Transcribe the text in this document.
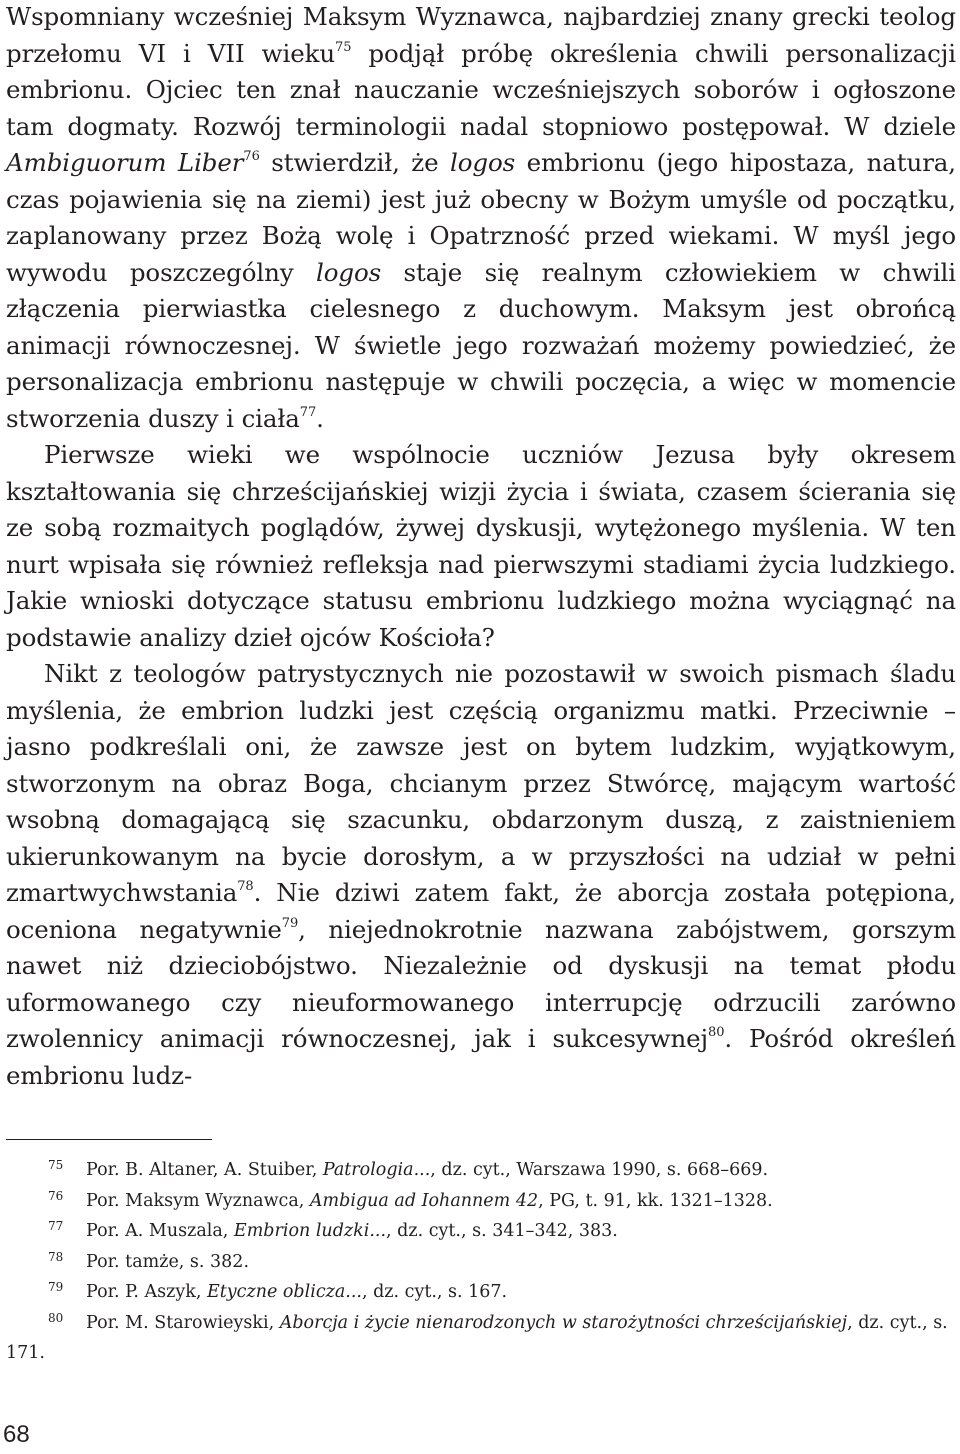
Wspomniany wcześniej Maksym Wyznawca, najbardziej znany grecki teolog przełomu VI i VII wieku$^{75}$ podjął próbę określenia chwili personalizacji embrionu. Ojciec ten znał nauczanie wcześniejszych soborów i ogłoszone tam dogmaty. Rozwój terminologii nadal stopniowo postępował. W dziele Ambiguorum Liber$^{76}$ stwierdził, że logos embrionu (jego hipostaza, natura, czas pojawienia się na ziemi) jest już obecny w Bożym umyśle od początku, zaplanowany przez Bożą wolę i Opatrzność przed wiekami. W myśl jego wywodu poszczególny logos staje się realnym człowiekiem w chwili złączenia pierwiastka cielesnego z duchowym. Maksym jest obrońcą animacji równoczesnej. W świetle jego rozważań możemy powiedzieć, że personalizacja embrionu następuje w chwili poczęcia, a więc w momencie stworzenia duszy i ciała$^{77}$.

Pierwsze wieki we wspólnocie uczniów Jezusa były okresem kształtowania się chrześcijańskiej wizji życia i świata, czasem ścierania się ze sobą rozmaitych poglądów, żywej dyskusji, wytężonego myślenia. W ten nurt wpisała się również refleksja nad pierwszymi stadiami życia ludzkiego. Jakie wnioski dotyczące statusu embrionu ludzkiego można wyciągnąć na podstawie analizy dzieł ojców Kościoła?

Nikt z teologów patrystycznych nie pozostawił w swoich pismach śladu myślenia, że embrion ludzki jest częścią organizmu matki. Przeciwnie – jasno podkreślali oni, że zawsze jest on bytem ludzkim, wyjątkowym, stworzonym na obraz Boga, chcianym przez Stwórcę, mającym wartość wsobną domagającą się szacunku, obdarzonym duszą, z zaistnieniem ukierunkowanym na bycie dorosłym, a w przyszłości na udział w pełni zmartwychwstania$^{78}$. Nie dziwi zatem fakt, że aborcja została potępiona, oceniona negatywnie$^{79}$, niejednokrotnie nazwana zabójstwem, gorszym nawet niż dzieciobójstwo. Niezależnie od dyskusji na temat płodu uformowanego czy nieuformowanego interrupcję odrzucili zarówno zwolennicy animacji równoczesnej, jak i sukcesywnej$^{80}$. Pośród określeń embrionu ludz-

75 Por. B. Altaner, A. Stuiber, Patrologia..., dz. cyt., Warszawa 1990, s. 668–669.
76 Por. Maksym Wyznawca, Ambigua ad Iohannem 42, PG, t. 91, kk. 1321–1328.
77 Por. A. Muszala, Embrion ludzki..., dz. cyt., s. 341–342, 383.
78 Por. tamże, s. 382.
79 Por. P. Aszyk, Etyczne oblicza..., dz. cyt., s. 167.
80 Por. M. Starowieyski, Aborcja i życie nienarodzonych w starożytności chrześcijańskiej, dz. cyt., s. 171.
68
